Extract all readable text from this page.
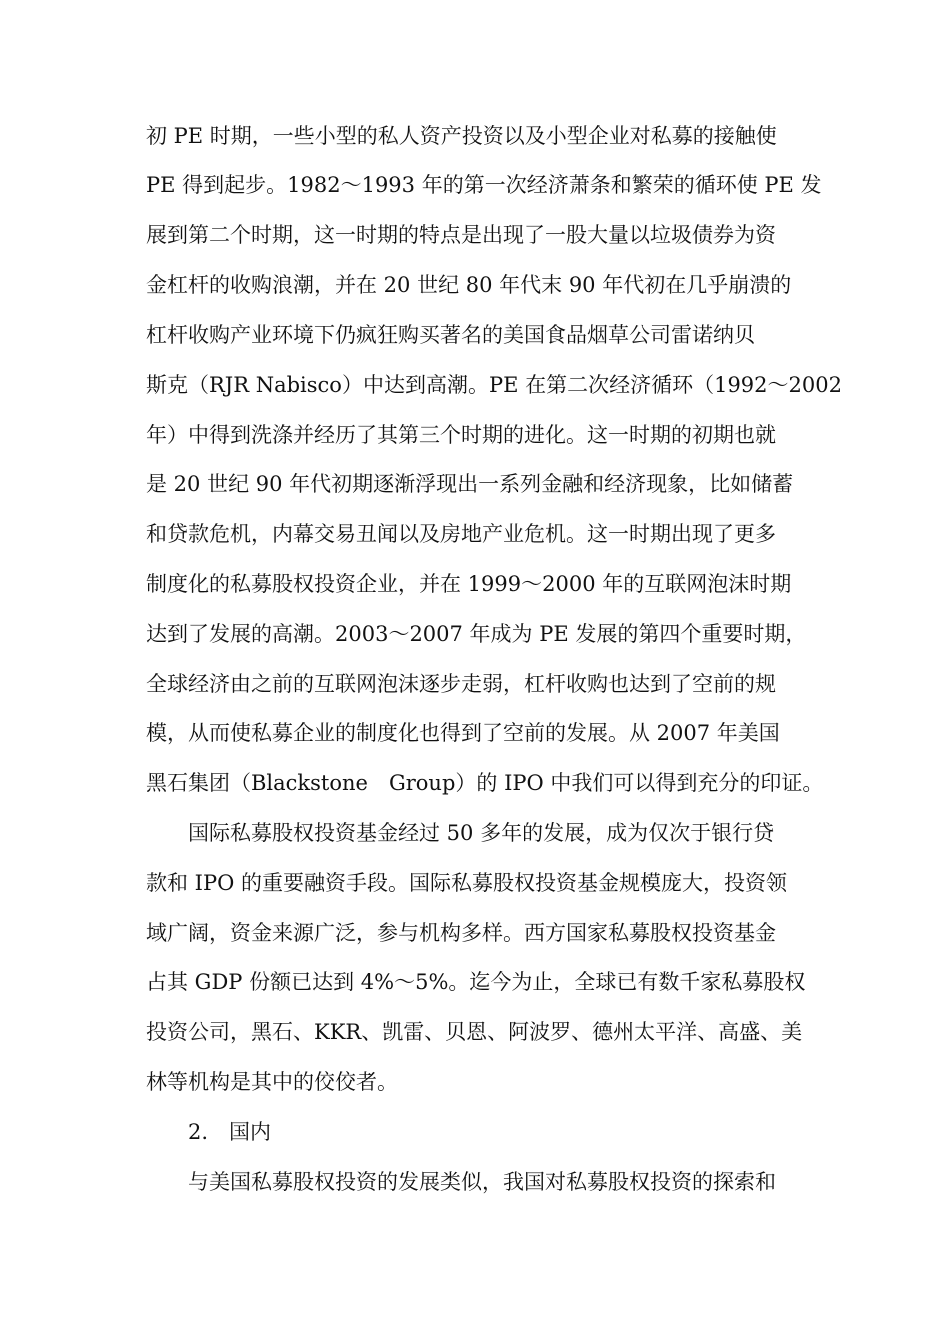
初 PE 时期，一些小型的私人资产投资以及小型企业对私募的接触使
PE 得到起步。1982～1993 年的第一次经济萧条和繁荣的循环使 PE 发
展到第二个时期，这一时期的特点是出现了一股大量以垃圾债券为资
金杠杆的收购浪潮，并在 20 世纪 80 年代末 90 年代初在几乎崩溃的
杠杆收购产业环境下仍疯狂购买著名的美国食品烟草公司雷诺纳贝
斯克（RJR Nabisco）中达到高潮。PE 在第二次经济循环（1992～2002
年）中得到洗涤并经历了其第三个时期的进化。这一时期的初期也就
是 20 世纪 90 年代初期逐渐浮现出一系列金融和经济现象，比如储蓄
和贷款危机，内幕交易丑闻以及房地产业危机。这一时期出现了更多
制度化的私募股权投资企业，并在 1999～2000 年的互联网泡沫时期
达到了发展的高潮。2003～2007 年成为 PE 发展的第四个重要时期，
全球经济由之前的互联网泡沫逐步走弱，杠杆收购也达到了空前的规
模，从而使私募企业的制度化也得到了空前的发展。从 2007 年美国
黑石集团（Blackstone　Group）的 IPO 中我们可以得到充分的印证。
国际私募股权投资基金经过 50 多年的发展，成为仅次于银行贷
款和 IPO 的重要融资手段。国际私募股权投资基金规模庞大，投资领
域广阔，资金来源广泛，参与机构多样。西方国家私募股权投资基金
占其 GDP 份额已达到 4%～5%。迄今为止，全球已有数千家私募股权
投资公司，黑石、KKR、凯雷、贝恩、阿波罗、德州太平洋、高盛、美
林等机构是其中的佼佼者。
2.　国内
与美国私募股权投资的发展类似，我国对私募股权投资的探索和
